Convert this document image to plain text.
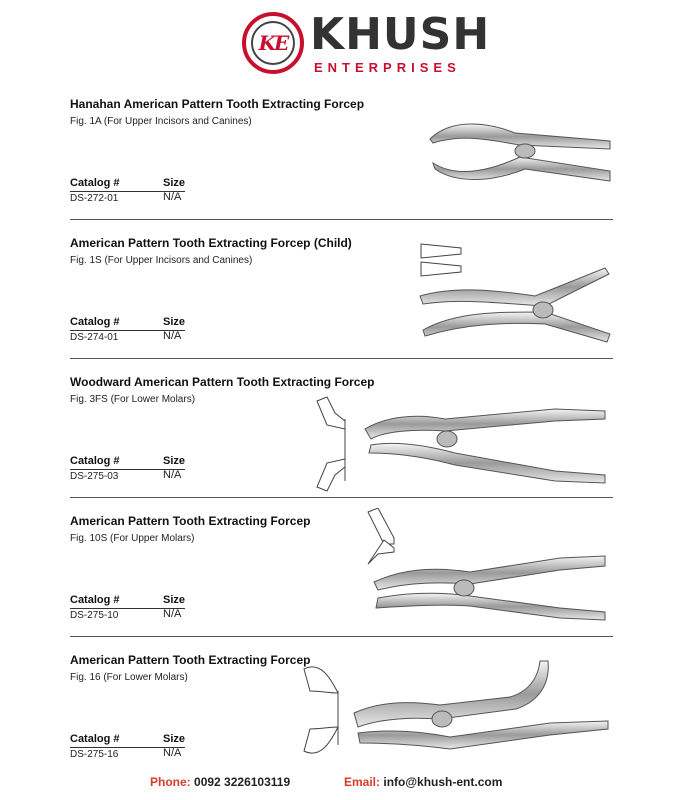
KE KHUSH
ENTERPRISES
Hanahan American Pattern Tooth Extracting Forcep
Fig. 1A (For Upper Incisors and Canines)
Catalog #	Size
DS-272-01	N/A
American Pattern Tooth Extracting Forcep (Child)
Fig. 1S (For Upper Incisors and Canines)
Catalog #	Size
DS-274-01	N/A
Woodward American Pattern Tooth Extracting Forcep
Fig. 3FS (For Lower Molars)
Catalog #	Size
DS-275-03	N/A
American Pattern Tooth Extracting Forcep
Fig. 10S (For Upper Molars)
Catalog #	Size
DS-275-10	N/A
American Pattern Tooth Extracting Forcep
Fig. 16 (For Lower Molars)
Catalog #	Size
DS-275-16	N/A
Phone: 0092 3226103119	Email: info@khush-ent.com
